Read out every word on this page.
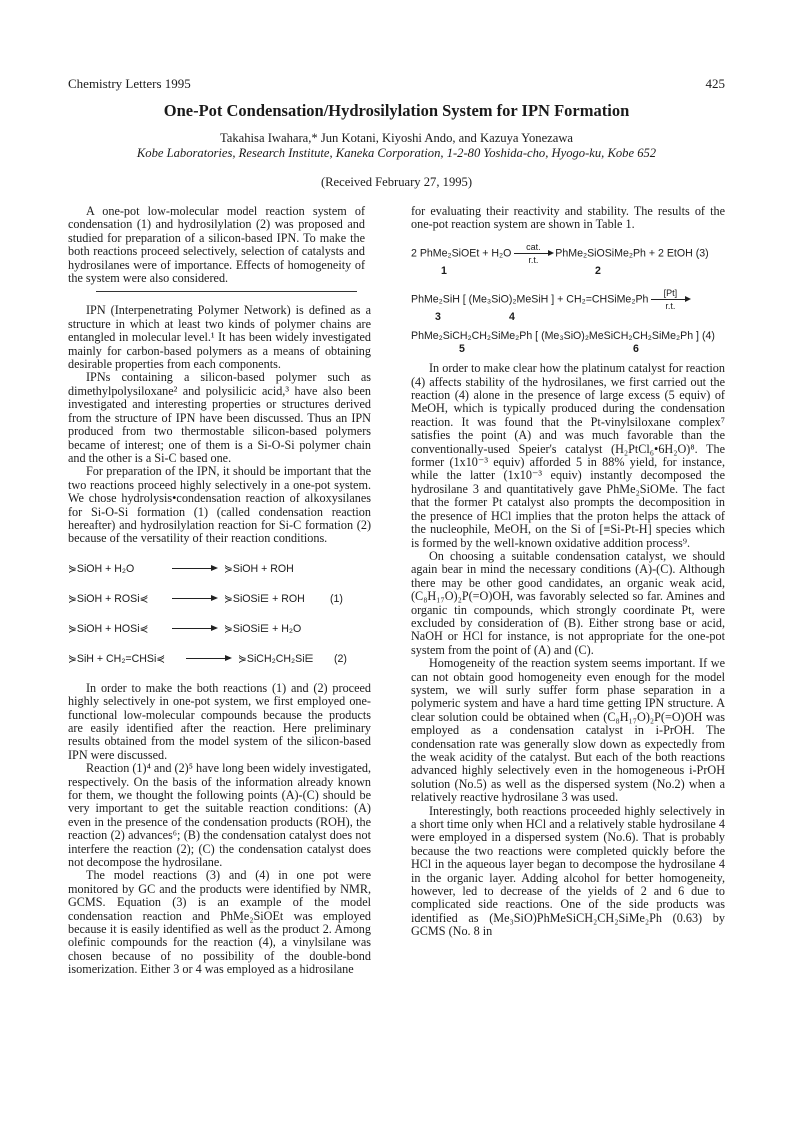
Chemistry Letters 1995	425
One-Pot Condensation/Hydrosilylation System for IPN Formation
Takahisa Iwahara,* Jun Kotani, Kiyoshi Ando, and Kazuya Yonezawa
Kobe Laboratories, Research Institute, Kaneka Corporation, 1-2-80 Yoshida-cho, Hyogo-ku, Kobe 652
(Received February 27, 1995)

A one-pot low-molecular model reaction system of condensation (1) and hydrosilylation (2) was proposed and studied for preparation of a silicon-based IPN. To make the both reactions proceed selectively, selection of catalysts and hydrosilanes were of importance. Effects of homogeneity of the system were also considered.

IPN (Interpenetrating Polymer Network) is defined as a structure in which at least two kinds of polymer chains are entangled in molecular level.¹ It has been widely investigated mainly for carbon-based polymers as a means of obtaining desirable properties from each components.

IPNs containing a silicon-based polymer such as dimethylpolysiloxane² and polysilicic acid,³ have also been investigated and interesting properties or structures derived from the structure of IPN have been discussed. Thus an IPN produced from two thermostable silicon-based polymers became of interest; one of them is a Si-O-Si polymer chain and the other is a Si-C based one.

For preparation of the IPN, it should be important that the two reactions proceed highly selectively in a one-pot system. We chose hydrolysis•condensation reaction of alkoxysilanes for Si-O-Si formation (1) (called condensation reaction hereafter) and hydrosilylation reaction for Si-C formation (2) because of the versatility of their reaction conditions.

⋟SiOH + H₂O	⋟SiOH + ROH
⋟SiOH + ROSi⋞	⋟SiOSi⋿ + ROH	(1)
⋟SiOH + HOSi⋞	⋟SiOSi⋿ + H₂O
⋟SiH + CH₂=CHSi⋞	⋟SiCH₂CH₂Si⋿	(2)

In order to make the both reactions (1) and (2) proceed highly selectively in one-pot system, we first employed one-functional low-molecular compounds because the products are easily identified after the reaction. Here preliminary results obtained from the model system of the silicon-based IPN were discussed.

Reaction (1)⁴ and (2)⁵ have long been widely investigated, respectively. On the basis of the information already known for them, we thought the following points (A)-(C) should be very important to get the suitable reaction conditions: (A) even in the presence of the condensation products (ROH), the reaction (2) advances⁶; (B) the condensation catalyst does not interfere the reaction (2); (C) the condensation catalyst does not decompose the hydrosilane.

The model reactions (3) and (4) in one pot were monitored by GC and the products were identified by NMR, GCMS. Equation (3) is an example of the model condensation reaction and PhMe₂SiOEt was employed because it is easily identified as well as the product 2. Among olefinic compounds for the reaction (4), a vinylsilane was chosen because of no possibility of the double-bond isomerization. Either 3 or 4 was employed as a hidrosilane

for evaluating their reactivity and stability. The results of the one-pot reaction system are shown in Table 1.

2 PhMe₂SiOEt + H₂O
cat.
r.t.
PhMe₂SiOSiMe₂Ph + 2 EtOH (3)
1	2
PhMe₂SiH [ (Me₃SiO)₂MeSiH ] + CH₂=CHSiMe₂Ph $\frac{[Pt]}{r.t.}$
3	4
PhMe₂SiCH₂CH₂SiMe₂Ph [ (Me₃SiO)₂MeSiCH₂CH₂SiMe₂Ph ] (4)
5	6

In order to make clear how the platinum catalyst for reaction (4) affects stability of the hydrosilanes, we first carried out the reaction (4) alone in the presence of large excess (5 equiv) of MeOH, which is typically produced during the condensation reaction. It was found that the Pt-vinylsiloxane complex⁷ satisfies the point (A) and was much favorable than the conventionally-used Speier's catalyst (H₂PtCl₆•6H₂O)⁸. The former (1x10⁻³ equiv) afforded 5 in 88% yield, for instance, while the latter (1x10⁻³ equiv) instantly decomposed the hydrosilane 3 and quantitatively gave PhMe₂SiOMe. The fact that the former Pt catalyst also prompts the decomposition in the presence of HCl implies that the proton helps the attack of the nucleophile, MeOH, on the Si of [≡Si-Pt-H] species which is formed by the well-known oxidative addition process⁹.

On choosing a suitable condensation catalyst, we should again bear in mind the necessary conditions (A)-(C). Although there may be other good candidates, an organic weak acid, (C₈H₁₇O)₂P(=O)OH, was favorably selected so far. Amines and organic tin compounds, which strongly coordinate Pt, were excluded by consideration of (B). Either strong base or acid, NaOH or HCl for instance, is not appropriate for the one-pot system from the point of (A) and (C).

Homogeneity of the reaction system seems important. If we can not obtain good homogeneity even enough for the model system, we will surly suffer form phase separation in a polymeric system and have a hard time getting IPN structure. A clear solution could be obtained when (C₈H₁₇O)₂P(=O)OH was employed as a condensation catalyst in i-PrOH. The condensation rate was generally slow down as expectedly from the weak acidity of the catalyst. But each of the both reactions advanced highly selectively even in the homogeneous i-PrOH solution (No.5) as well as the dispersed system (No.2) when a relatively reactive hydrosilane 3 was used.

Interestingly, both reactions proceeded highly selectively in a short time only when HCl and a relatively stable hydrosilane 4 were employed in a dispersed system (No.6). That is probably because the two reactions were completed quickly before the HCl in the aqueous layer began to decompose the hydrosilane 4 in the organic layer. Adding alcohol for better homogeneity, however, led to decrease of the yields of 2 and 6 due to complicated side reactions. One of the side products was identified as (Me₃SiO)PhMeSiCH₂CH₂SiMe₂Ph (0.63) by GCMS (No. 8 in
